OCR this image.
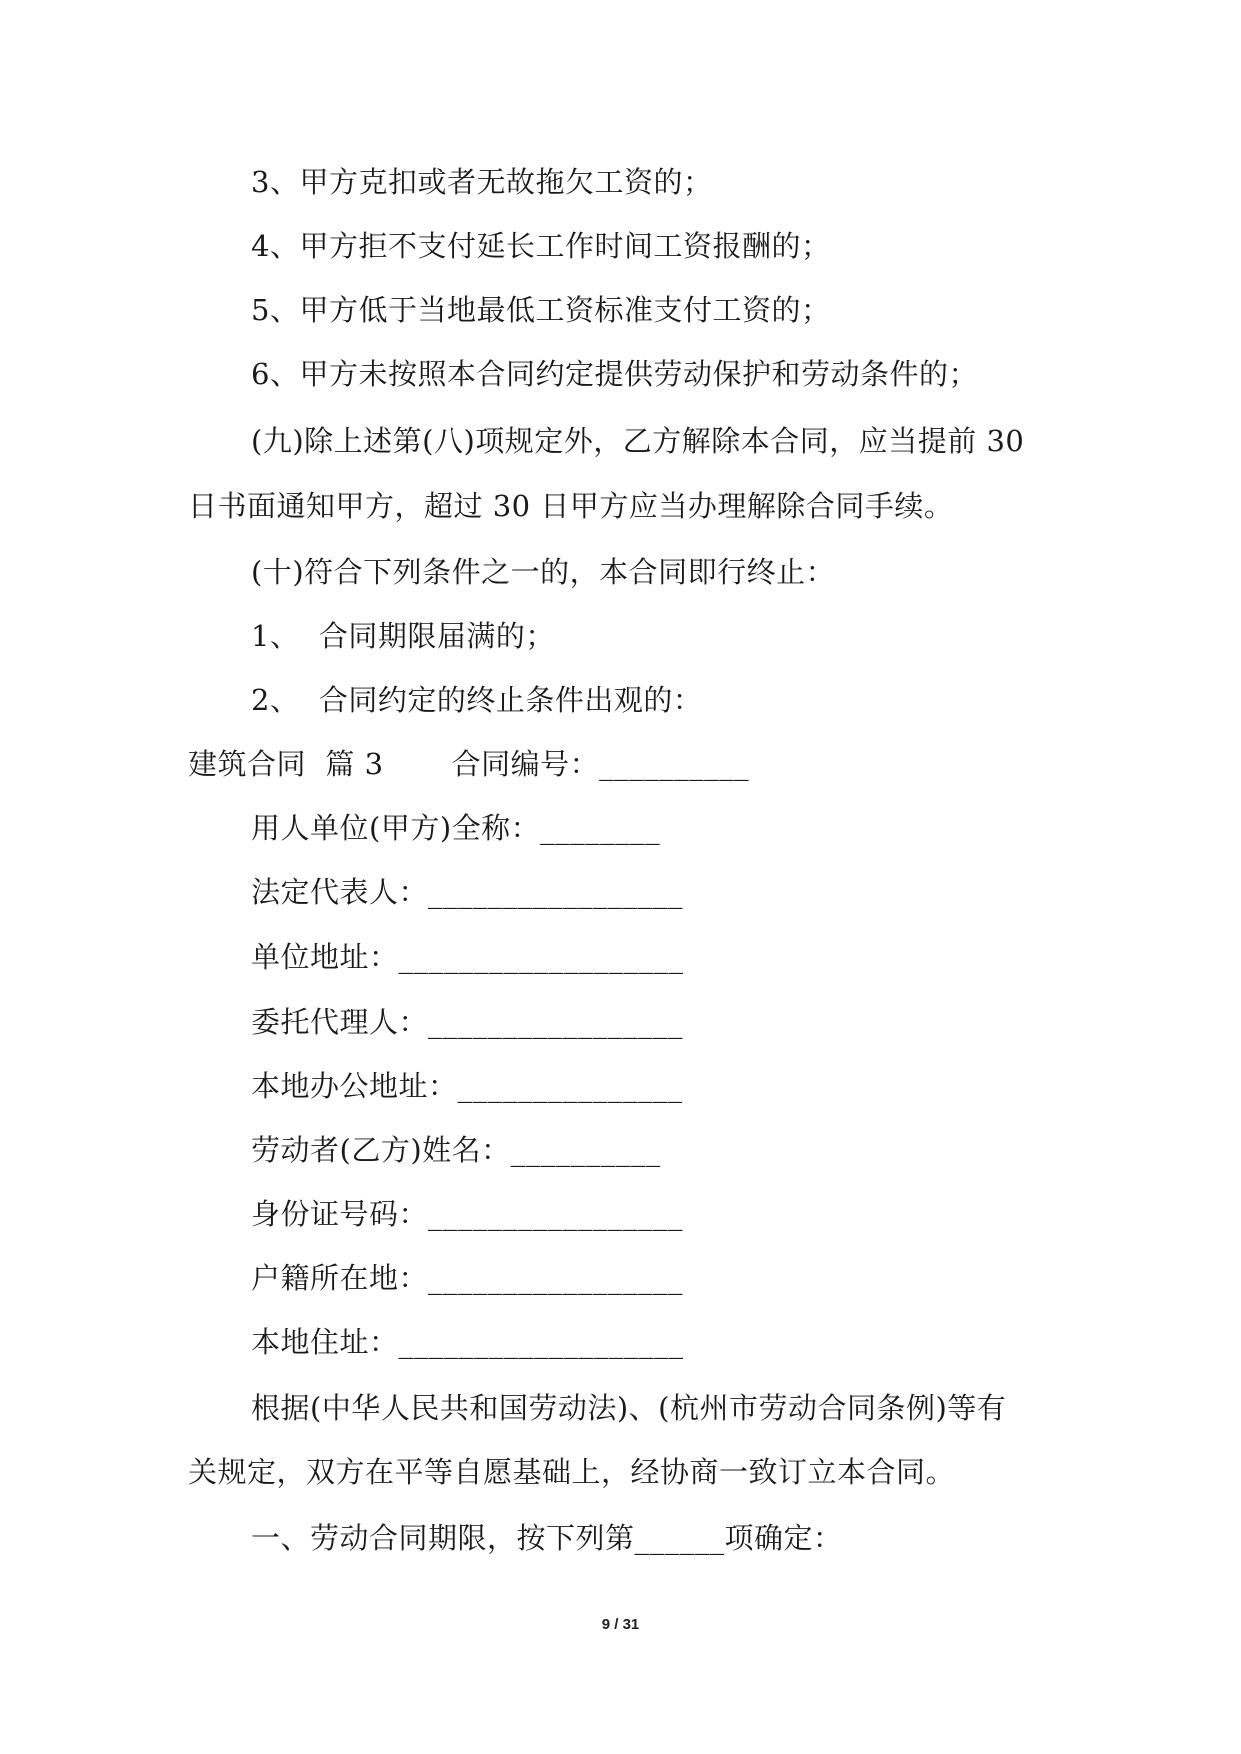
3、甲方克扣或者无故拖欠工资的；
4、甲方拒不支付延长工作时间工资报酬的；
5、甲方低于当地最低工资标准支付工资的；
6、甲方未按照本合同约定提供劳动保护和劳动条件的；
(九)除上述第(八)项规定外，乙方解除本合同，应当提前 30
日书面通知甲方，超过 30 日甲方应当办理解除合同手续。
(十)符合下列条件之一的，本合同即行终止：
1、  合同期限届满的；
2、  合同约定的终止条件出观的：
建筑合同  篇 3       合同编号：__________
用人单位(甲方)全称：________
法定代表人：_________________
单位地址：___________________
委托代理人：_________________
本地办公地址：_______________
劳动者(乙方)姓名：__________
身份证号码：_________________
户籍所在地：_________________
本地住址：___________________
根据(中华人民共和国劳动法)、(杭州市劳动合同条例)等有
关规定，双方在平等自愿基础上，经协商一致订立本合同。
一、劳动合同期限，按下列第______项确定：
9 / 31
